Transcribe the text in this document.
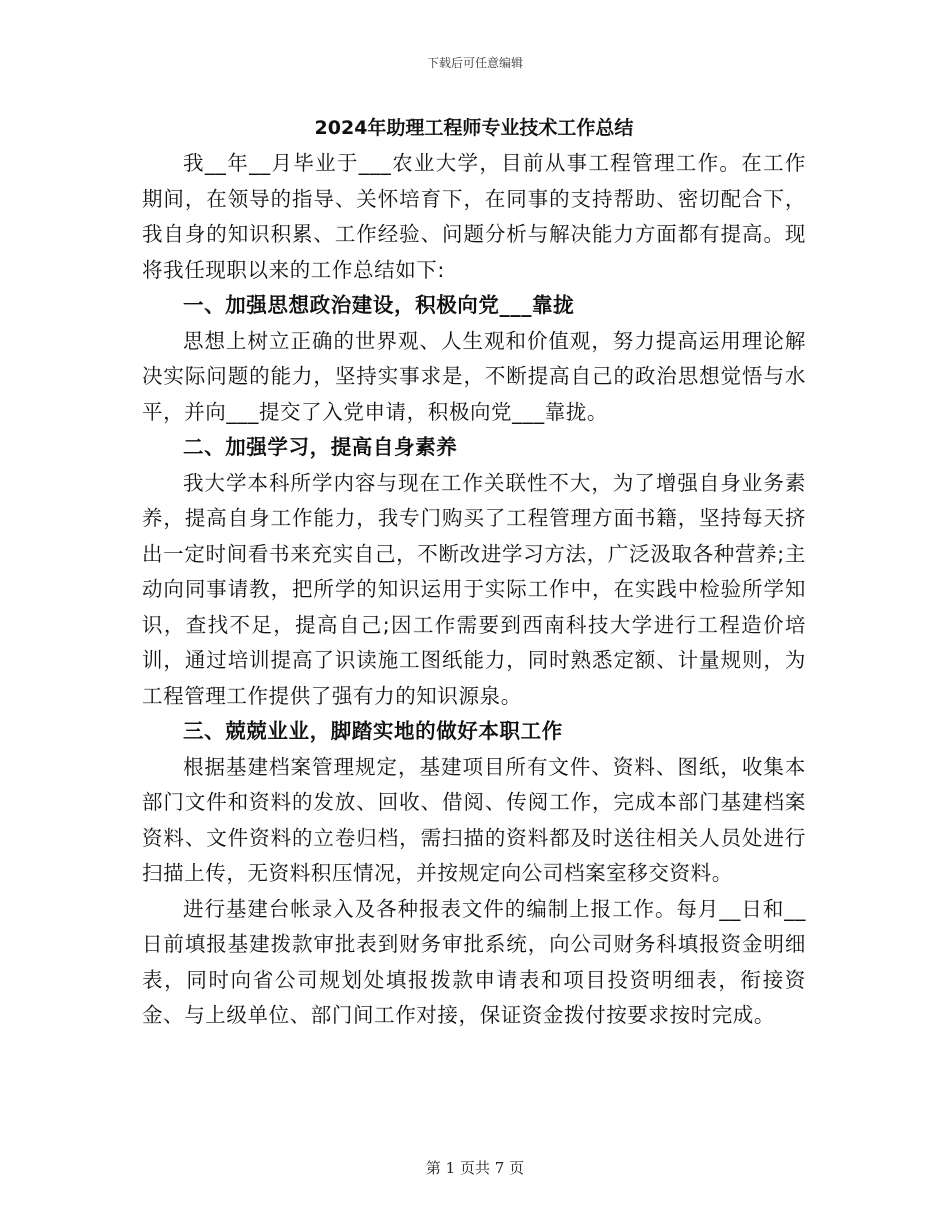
下载后可任意编辑
2024年助理工程师专业技术工作总结

我__年__月毕业于___农业大学，目前从事工程管理工作。在工作期间，在领导的指导、关怀培育下，在同事的支持帮助、密切配合下，我自身的知识积累、工作经验、问题分析与解决能力方面都有提高。现将我任现职以来的工作总结如下:

一、加强思想政治建设，积极向党___靠拢

思想上树立正确的世界观、人生观和价值观，努力提高运用理论解决实际问题的能力，坚持实事求是，不断提高自己的政治思想觉悟与水平，并向___提交了入党申请，积极向党___靠拢。

二、加强学习，提高自身素养

我大学本科所学内容与现在工作关联性不大，为了增强自身业务素养，提高自身工作能力，我专门购买了工程管理方面书籍，坚持每天挤出一定时间看书来充实自己，不断改进学习方法，广泛汲取各种营养;主动向同事请教，把所学的知识运用于实际工作中，在实践中检验所学知识，查找不足，提高自己;因工作需要到西南科技大学进行工程造价培训，通过培训提高了识读施工图纸能力，同时熟悉定额、计量规则，为工程管理工作提供了强有力的知识源泉。

三、兢兢业业，脚踏实地的做好本职工作

根据基建档案管理规定，基建项目所有文件、资料、图纸，收集本部门文件和资料的发放、回收、借阅、传阅工作，完成本部门基建档案资料、文件资料的立卷归档，需扫描的资料都及时送往相关人员处进行扫描上传，无资料积压情况，并按规定向公司档案室移交资料。

进行基建台帐录入及各种报表文件的编制上报工作。每月__日和__日前填报基建拨款审批表到财务审批系统，向公司财务科填报资金明细表，同时向省公司规划处填报拨款申请表和项目投资明细表，衔接资金、与上级单位、部门间工作对接，保证资金拨付按要求按时完成。

第 1 页共 7 页
